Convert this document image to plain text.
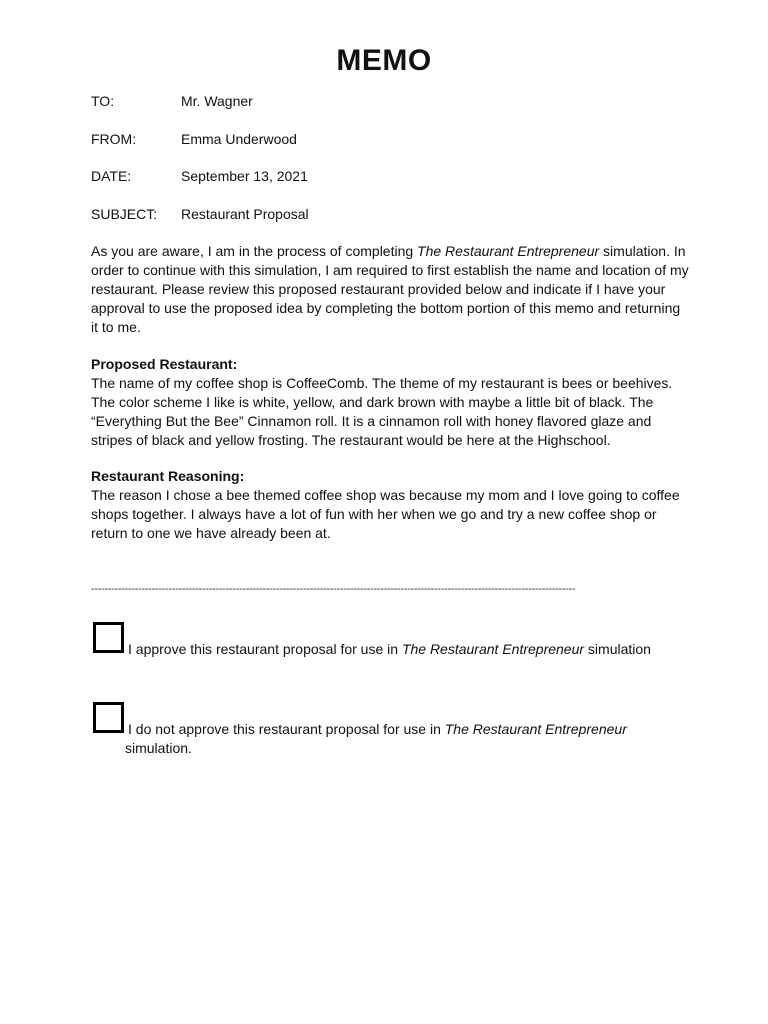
MEMO
TO:	Mr. Wagner
FROM:	Emma Underwood
DATE:	September 13, 2021
SUBJECT: Restaurant Proposal

As you are aware, I am in the process of completing The Restaurant Entrepreneur simulation. In order to continue with this simulation, I am required to first establish the name and location of my restaurant. Please review this proposed restaurant provided below and indicate if I have your approval to use the proposed idea by completing the bottom portion of this memo and returning it to me.

Proposed Restaurant:

The name of my coffee shop is CoffeeComb. The theme of my restaurant is bees or beehives. The color scheme I like is white, yellow, and dark brown with maybe a little bit of black. The “Everything But the Bee” Cinnamon roll. It is a cinnamon roll with honey flavored glaze and stripes of black and yellow frosting. The restaurant would be here at the Highschool.

Restaurant Reasoning:

The reason I chose a bee themed coffee shop was because my mom and I love going to coffee shops together. I always have a lot of fun with her when we go and try a new coffee shop or return to one we have already been at.

------------------------------------------------------------------------------------------------------------------------------------------------
I approve this restaurant proposal for use in The Restaurant Entrepreneur simulation
I do not approve this restaurant proposal for use in The Restaurant Entrepreneur
simulation.
